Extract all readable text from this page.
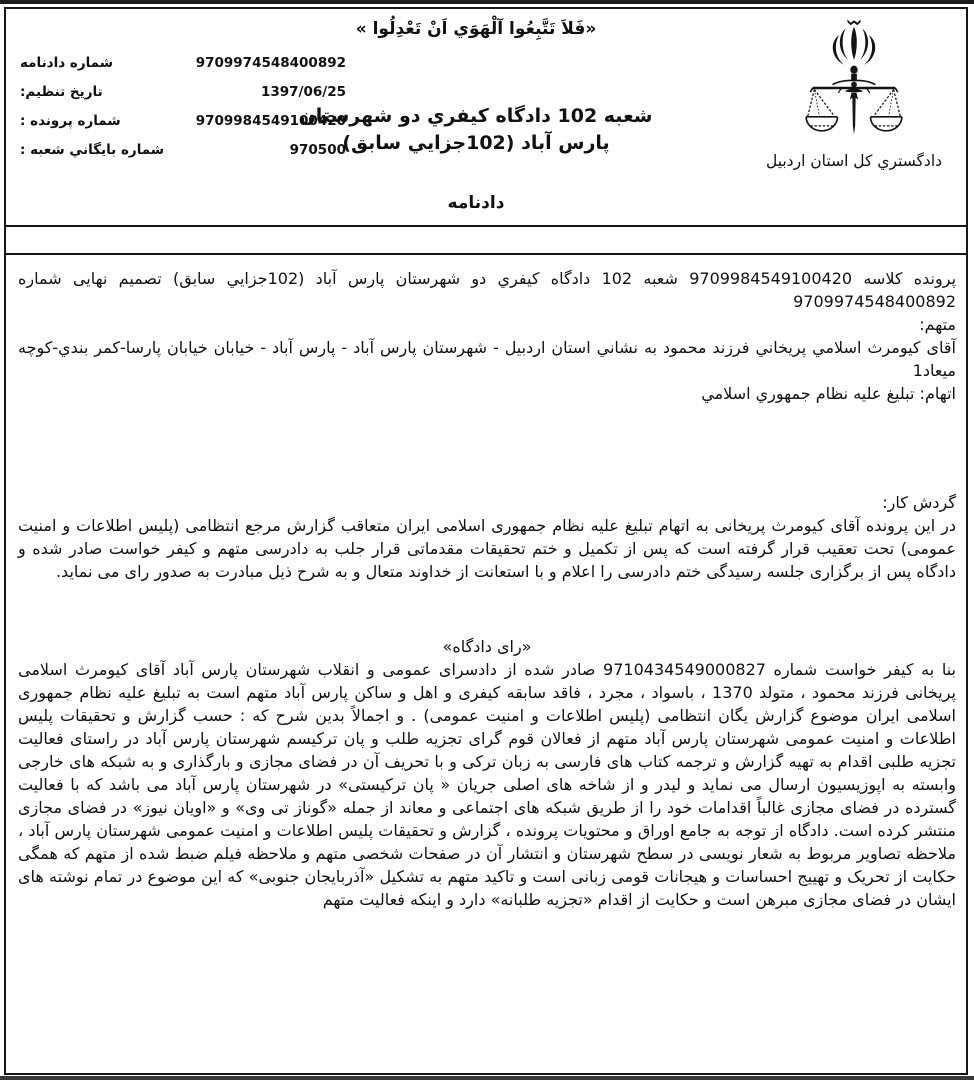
«فَلاَ تَتَّبِعُوا آلْهَوَي اَنْ تَعْدِلُوا »
شماره دادنامه	9709974548400892
تاریخ تنظیم:	1397/06/25
شماره پرونده :	9709984549100420
شماره بایگاني شعبه :	970500
شعبه 102 دادگاه کیفري دو شهرستان پارس آباد (102جزایي سابق)
دادنامه
دادگستري کل استان اردبیل

پرونده کلاسه 9709984549100420 شعبه 102 دادگاه کیفري دو شهرستان پارس آباد (102جزایي سابق) تصمیم نهایی شماره 9709974548400892

متهم:

آقای کیومرث اسلامي پریخاني فرزند محمود به نشاني استان اردبیل - شهرستان پارس آباد - پارس آباد - خیابان خیابان پارسا-کمر بندي-کوچه میعاد1

اتهام: تبلیغ علیه نظام جمهوري اسلامي
گردش کار:

در این پرونده آقای کیومرث پریخانی به اتهام تبلیغ علیه نظام جمهوری اسلامی ایران متعاقب گزارش مرجع انتظامی (پلیس اطلاعات و امنیت عمومی) تحت تعقیب قرار گرفته است که پس از تکمیل و ختم تحقیقات مقدماتی قرار جلب به دادرسی متهم و کیفر خواست صادر شده و دادگاه پس از برگزاری جلسه رسیدگی ختم دادرسی را اعلام و با استعانت از خداوند متعال و به شرح ذیل مبادرت به صدور رای می نماید.

«رای دادگاه»

بنا به کیفر خواست شماره 9710434549000827 صادر شده از دادسرای عمومی و انقلاب شهرستان پارس آباد آقای کیومرث اسلامی پریخانی فرزند محمود ، متولد 1370 ، باسواد ، مجرد ، فاقد سابقه کیفری و اهل و ساکن پارس آباد متهم است به تبلیغ علیه نظام جمهوری اسلامی ایران موضوع گزارش یگان انتظامی (پلیس اطلاعات و امنیت عمومی) . و اجمالاً بدین شرح که : حسب گزارش و تحقیقات پلیس اطلاعات و امنیت عمومی شهرستان پارس آباد متهم از فعالان قوم گرای تجزیه طلب و پان ترکیسم شهرستان پارس آباد در راستای فعالیت تجزیه طلبی اقدام به تهیه گزارش و ترجمه کتاب های فارسی به زبان ترکی و با تحریف آن در فضای مجازی و بارگذاری و به شبکه های خارجی وابسته به اپوزیسیون ارسال می نماید و لیدر و از شاخه های اصلی جریان « پان ترکیستی» در شهرستان پارس آباد می باشد که با فعالیت گسترده در فضای مجازی غالباً اقدامات خود را از طریق شبکه های اجتماعی و معاند از جمله «گوناز تی وی» و «اویان نیوز» در فضای مجازی منتشر کرده است. دادگاه از توجه به جامع اوراق و محتویات پرونده ، گزارش و تحقیقات پلیس اطلاعات و امنیت عمومی شهرستان پارس آباد ، ملاحظه تصاویر مربوط به شعار نویسی در سطح شهرستان و انتشار آن در صفحات شخصی متهم و ملاحظه فیلم ضبط شده از متهم که همگی حکایت از تحریک و تهییج احساسات و هیجانات قومی زبانی است و تاکید متهم به تشکیل «آذربایجان جنوبی» که این موضوع در تمام نوشته های ایشان در فضای مجازی مبرهن است و حکایت از اقدام «تجزیه طلبانه» دارد و اینکه فعالیت متهم
